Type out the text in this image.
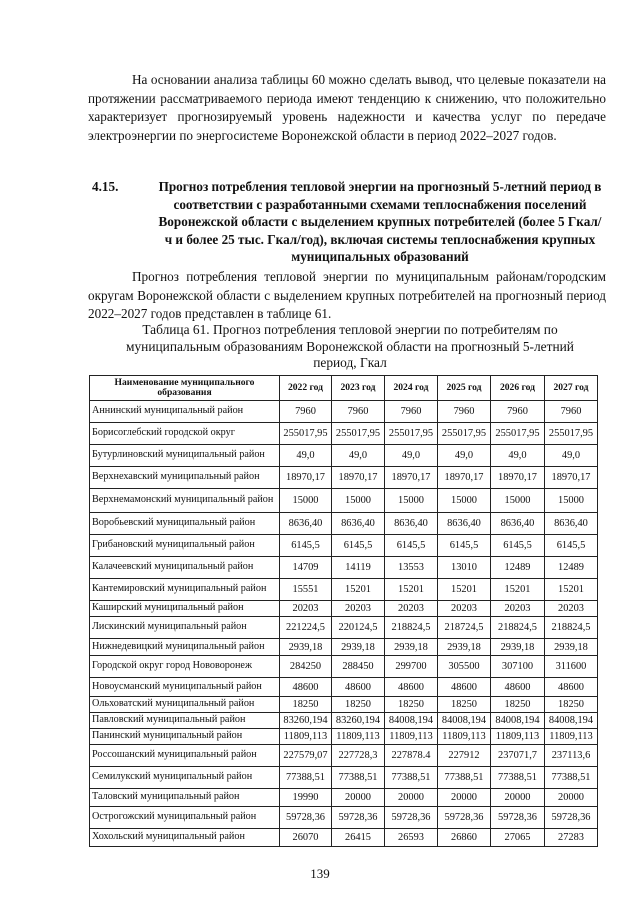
На основании анализа таблицы 60 можно сделать вывод, что целевые показатели на протяжении рассматриваемого периода имеют тенденцию к снижению, что положительно характеризует прогнозируемый уровень надежности и качества услуг по передаче электроэнергии по энергосистеме Воронежской области в период 2022–2027 годов.

4.15.	Прогноз потребления тепловой энергии на прогнозный 5-летний период в соответствии с разработанными схемами теплоснабжения поселений Воронежской области с выделением крупных потребителей (более 5 Гкал/ч и более 25 тыс. Гкал/год), включая системы теплоснабжения крупных муниципальных образований

Прогноз потребления тепловой энергии по муниципальным районам/городским округам Воронежской области с выделением крупных потребителей на прогнозный период 2022–2027 годов представлен в таблице 61.

Таблица 61. Прогноз потребления тепловой энергии по потребителям по муниципальным образованиям Воронежской области на прогнозный 5-летний период, Гкал
Наименование муниципального образования	2022 год	2023 год	2024 год	2025 год	2026 год	2027 год
Аннинский муниципальный район	7960	7960	7960	7960	7960	7960
Борисоглебский городской округ	255017,95	255017,95	255017,95	255017,95	255017,95	255017,95
Бутурлиновский муниципальный район	49,0	49,0	49,0	49,0	49,0	49,0
Верхнехавский муниципальный район	18970,17	18970,17	18970,17	18970,17	18970,17	18970,17
Верхнемамонский муниципальный район	15000	15000	15000	15000	15000	15000
Воробьевский муниципальный район	8636,40	8636,40	8636,40	8636,40	8636,40	8636,40
Грибановский муниципальный район	6145,5	6145,5	6145,5	6145,5	6145,5	6145,5
Калачеевский муниципальный район	14709	14119	13553	13010	12489	12489
Кантемировский муниципальный район	15551	15201	15201	15201	15201	15201
Каширский муниципальный район	20203	20203	20203	20203	20203	20203
Лискинский муниципальный район	221224,5	220124,5	218824,5	218724,5	218824,5	218824,5
Нижнедевицкий муниципальный район	2939,18	2939,18	2939,18	2939,18	2939,18	2939,18
Городской округ город Нововоронеж	284250	288450	299700	305500	307100	311600
Новоусманский муниципальный район	48600	48600	48600	48600	48600	48600
Ольховатский муниципальный район	18250	18250	18250	18250	18250	18250
Павловский муниципальный район	83260,194	83260,194	84008,194	84008,194	84008,194	84008,194
Панинский муниципальный район	11809,113	11809,113	11809,113	11809,113	11809,113	11809,113
Россошанский муниципальный район	227579,07	227728,3	227878.4	227912	237071,7	237113,6
Семилукский муниципальный район	77388,51	77388,51	77388,51	77388,51	77388,51	77388,51
Таловский муниципальный район	19990	20000	20000	20000	20000	20000
Острогожский муниципальный район	59728,36	59728,36	59728,36	59728,36	59728,36	59728,36
Хохольский муниципальный район	26070	26415	26593	26860	27065	27283
139
